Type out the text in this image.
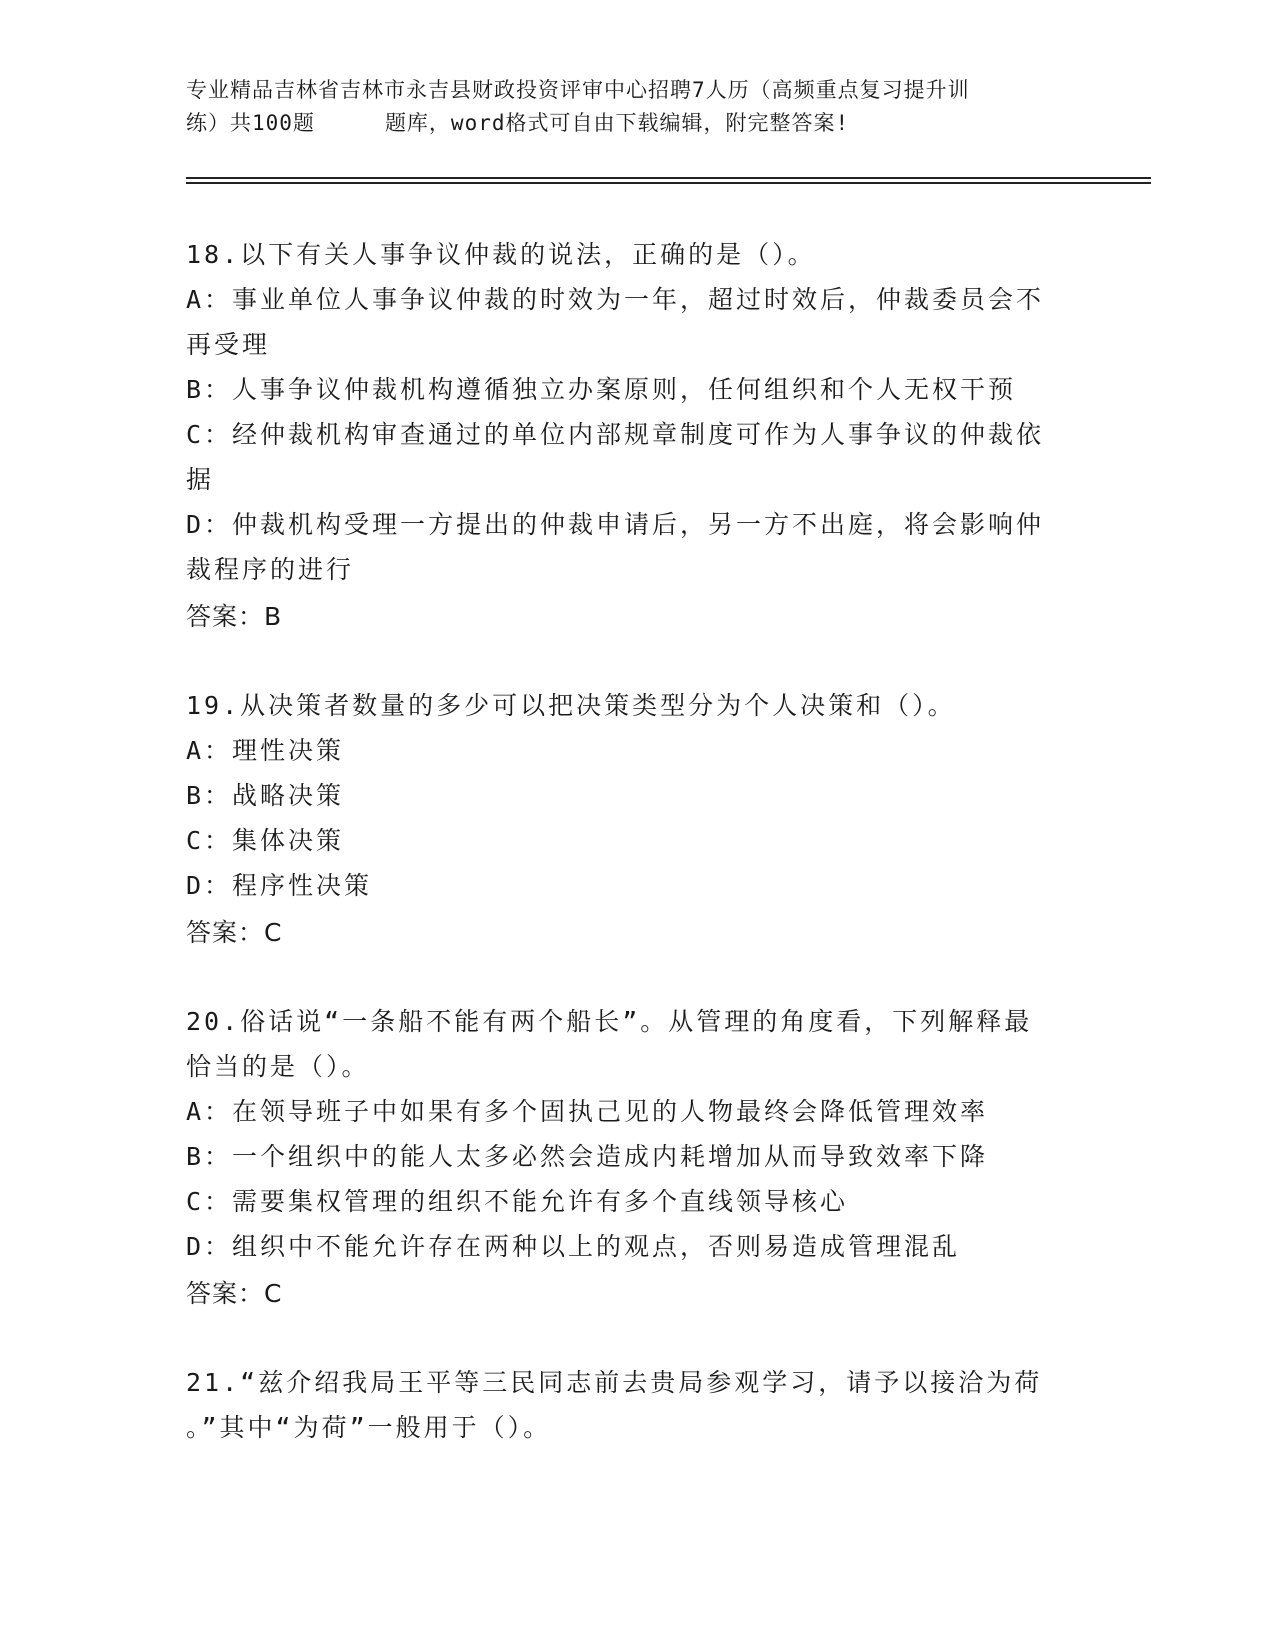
专业精品吉林省吉林市永吉县财政投资评审中心招聘7人历（高频重点复习提升训
练）共100题	题库，word格式可自由下载编辑，附完整答案!

18.以下有关人事争议仲裁的说法，正确的是（）。

A：事业单位人事争议仲裁的时效为一年，超过时效后，仲裁委员会不

再受理

B：人事争议仲裁机构遵循独立办案原则，任何组织和个人无权干预

C：经仲裁机构审查通过的单位内部规章制度可作为人事争议的仲裁依

据

D：仲裁机构受理一方提出的仲裁申请后，另一方不出庭，将会影响仲

裁程序的进行

答案：B

19.从决策者数量的多少可以把决策类型分为个人决策和（）。

A：理性决策

B：战略决策

C：集体决策

D：程序性决策

答案：C

20.俗话说“一条船不能有两个船长”。从管理的角度看，下列解释最

恰当的是（）。

A：在领导班子中如果有多个固执己见的人物最终会降低管理效率

B：一个组织中的能人太多必然会造成内耗增加从而导致效率下降

C：需要集权管理的组织不能允许有多个直线领导核心

D：组织中不能允许存在两种以上的观点，否则易造成管理混乱

答案：C

21.“兹介绍我局王平等三民同志前去贵局参观学习，请予以接洽为荷

。”其中“为荷”一般用于（）。
